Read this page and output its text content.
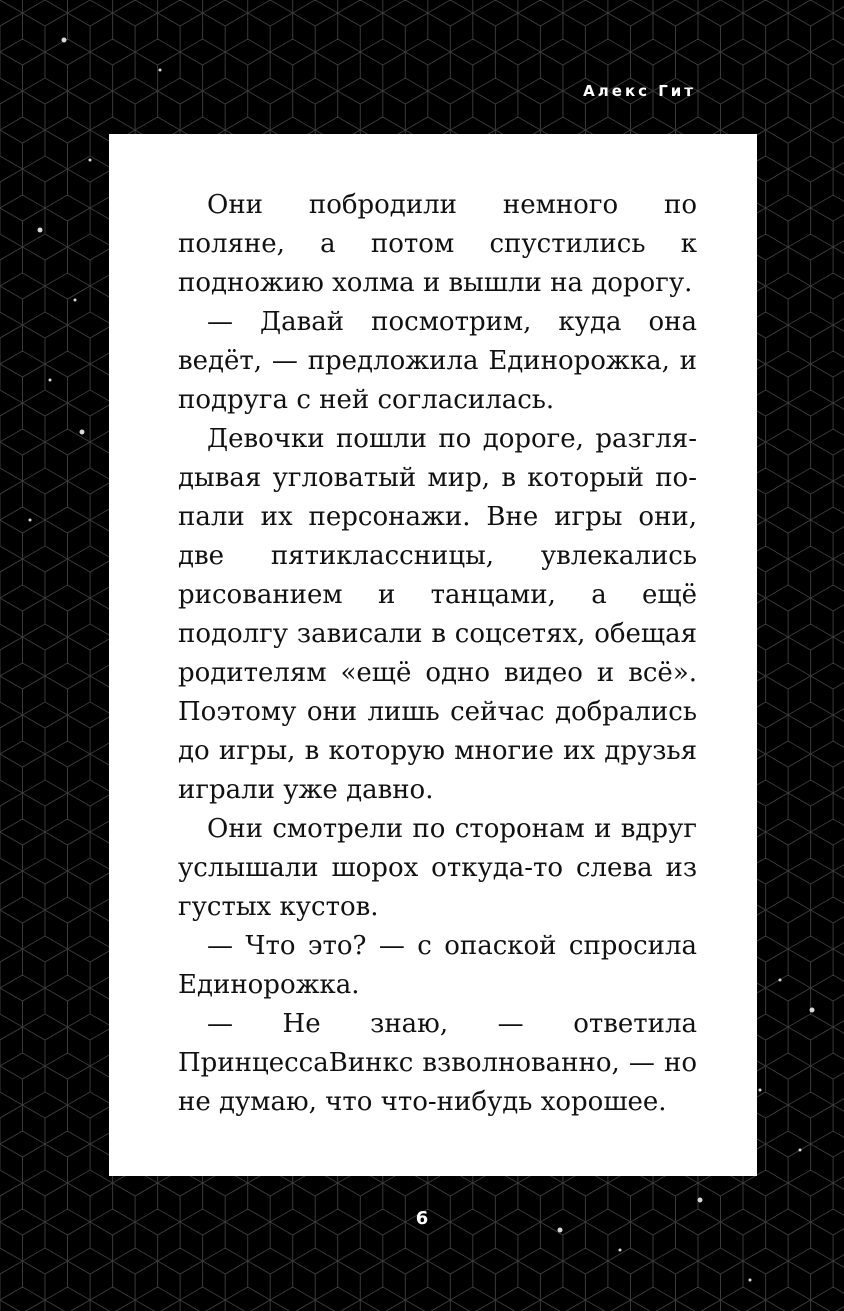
Алекс Гит

Они побродили немного по поляне, а потом спустились к подножию холма и вышли на дорогу.

— Давай посмотрим, куда она ведёт, — предложила Единорожка, и подруга с ней согласилась.

Девочки пошли по дороге, разглядывая угловатый мир, в который попали их персонажи. Вне игры они, две пятиклассницы, увлекались рисованием и танцами, а ещё подолгу зависали в соцсетях, обещая родителям «ещё одно видео и всё». Поэтому они лишь сейчас добрались до игры, в которую многие их друзья играли уже давно.

Они смотрели по сторонам и вдруг услышали шорох откуда-то слева из густых кустов.

— Что это? — с опаской спросила Единорожка.

— Не знаю, — ответила ПринцессаВинкс взволнованно, — но не думаю, что что-нибудь хорошее.

6
